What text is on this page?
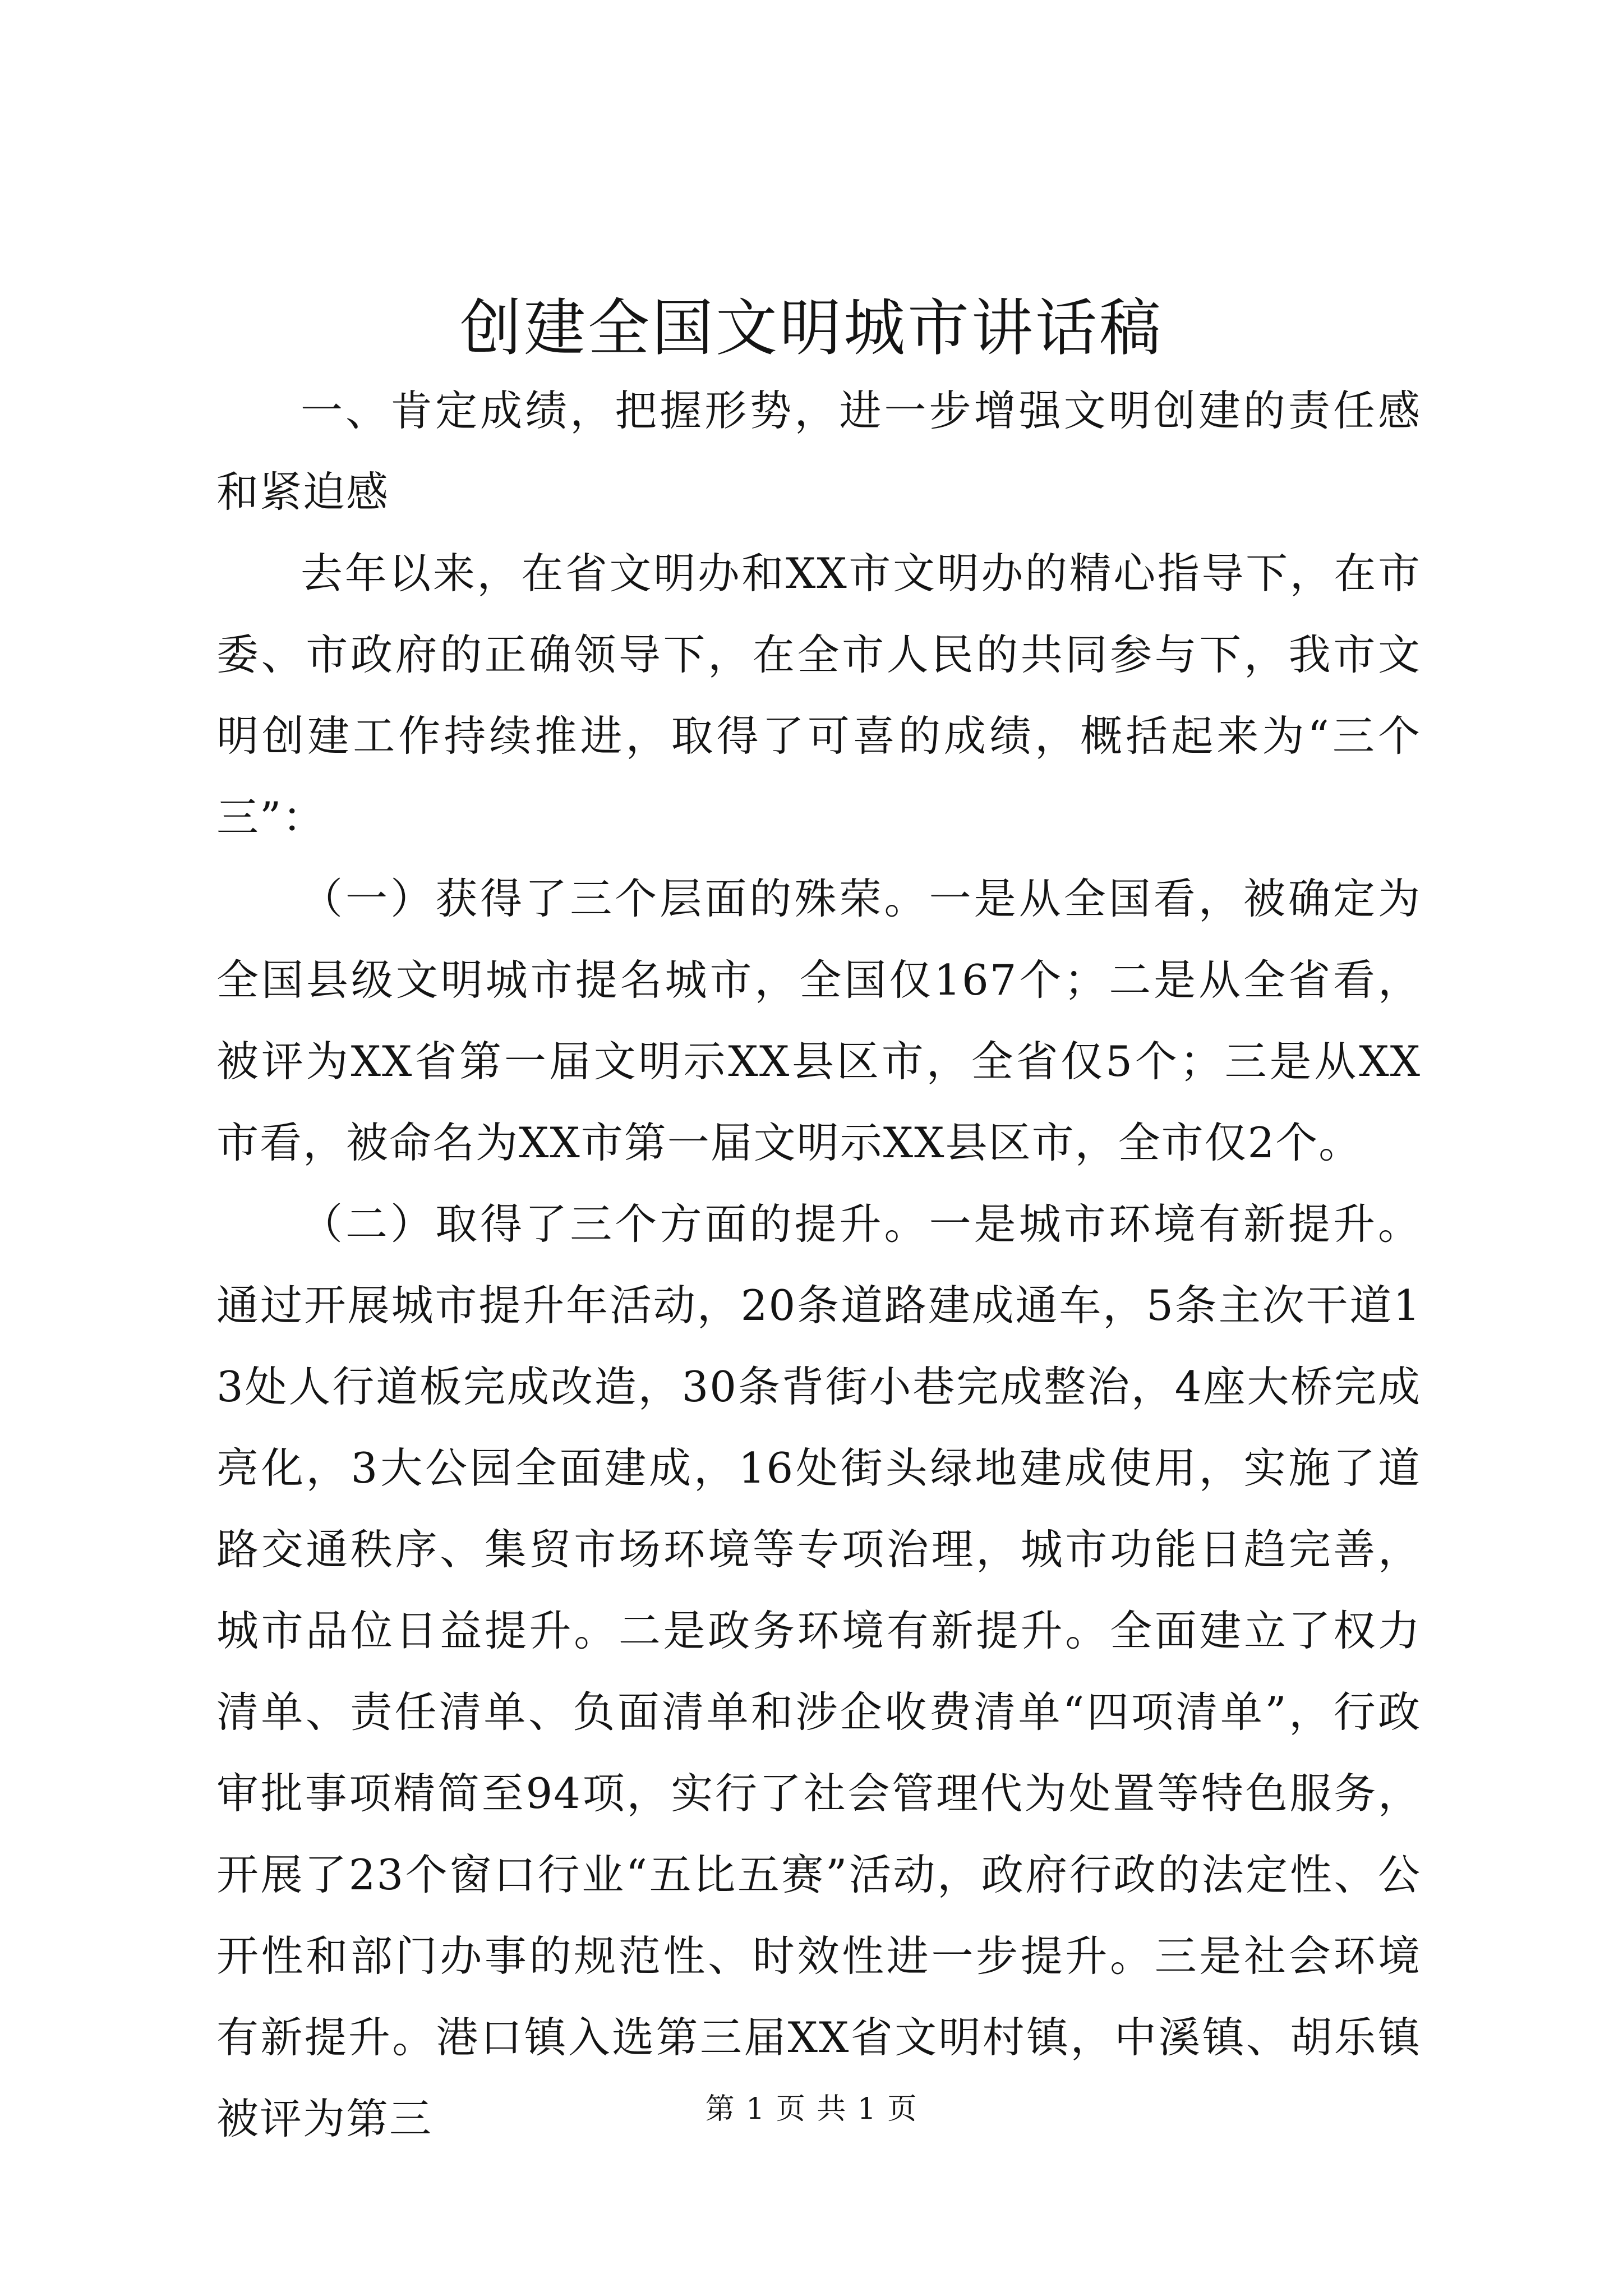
创建全国文明城市讲话稿

一、肯定成绩，把握形势，进一步增强文明创建的责任感和紧迫感

去年以来，在省文明办和XX市文明办的精心指导下，在市委、市政府的正确领导下，在全市人民的共同参与下，我市文明创建工作持续推进，取得了可喜的成绩，概括起来为“三个三”：

（一）获得了三个层面的殊荣。一是从全国看，被确定为全国县级文明城市提名城市，全国仅167个；二是从全省看，被评为XX省第一届文明示XX县区市，全省仅5个；三是从XX市看，被命名为XX市第一届文明示XX县区市，全市仅2个。

（二）取得了三个方面的提升。一是城市环境有新提升。通过开展城市提升年活动，20条道路建成通车，5条主次干道13处人行道板完成改造，30条背街小巷完成整治，4座大桥完成亮化，3大公园全面建成，16处街头绿地建成使用，实施了道路交通秩序、集贸市场环境等专项治理，城市功能日趋完善，城市品位日益提升。二是政务环境有新提升。全面建立了权力清单、责任清单、负面清单和涉企收费清单“四项清单”，行政审批事项精简至94项，实行了社会管理代为处置等特色服务，开展了23个窗口行业“五比五赛”活动，政府行政的法定性、公开性和部门办事的规范性、时效性进一步提升。三是社会环境有新提升。港口镇入选第三届XX省文明村镇，中溪镇、胡乐镇被评为第三	第 1 页 共 1 页
